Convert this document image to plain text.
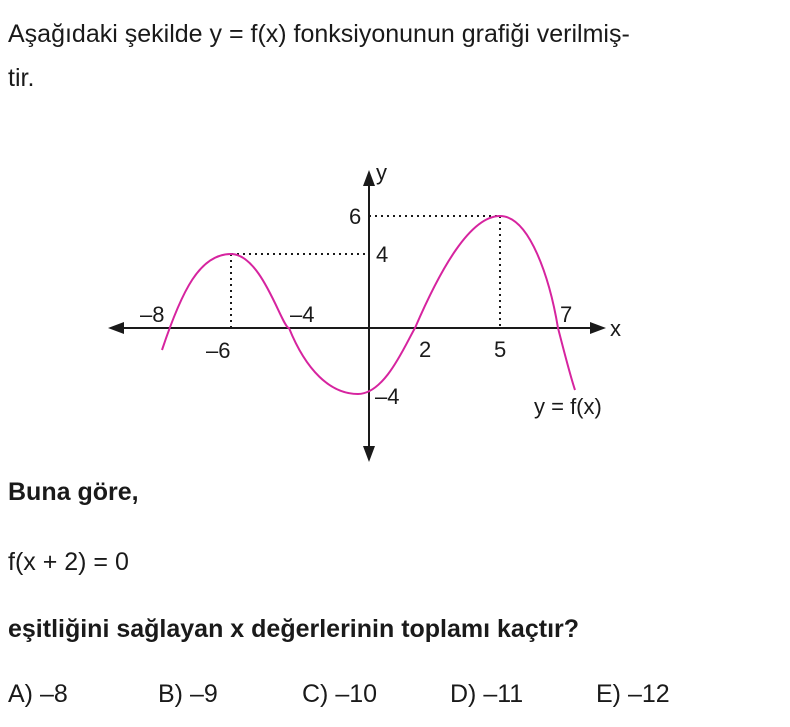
Aşağıdaki şekilde y = f(x) fonksiyonunun grafiği verilmiş-
tir.
y
x
–8
–6
–4
2	5
7
6
4
–4	y = f(x)
Buna göre,
f(x + 2) = 0
eşitliğini sağlayan x değerlerinin toplamı kaçtır?
A) –8	B) –9	C) –10	D) –11	E) –12
